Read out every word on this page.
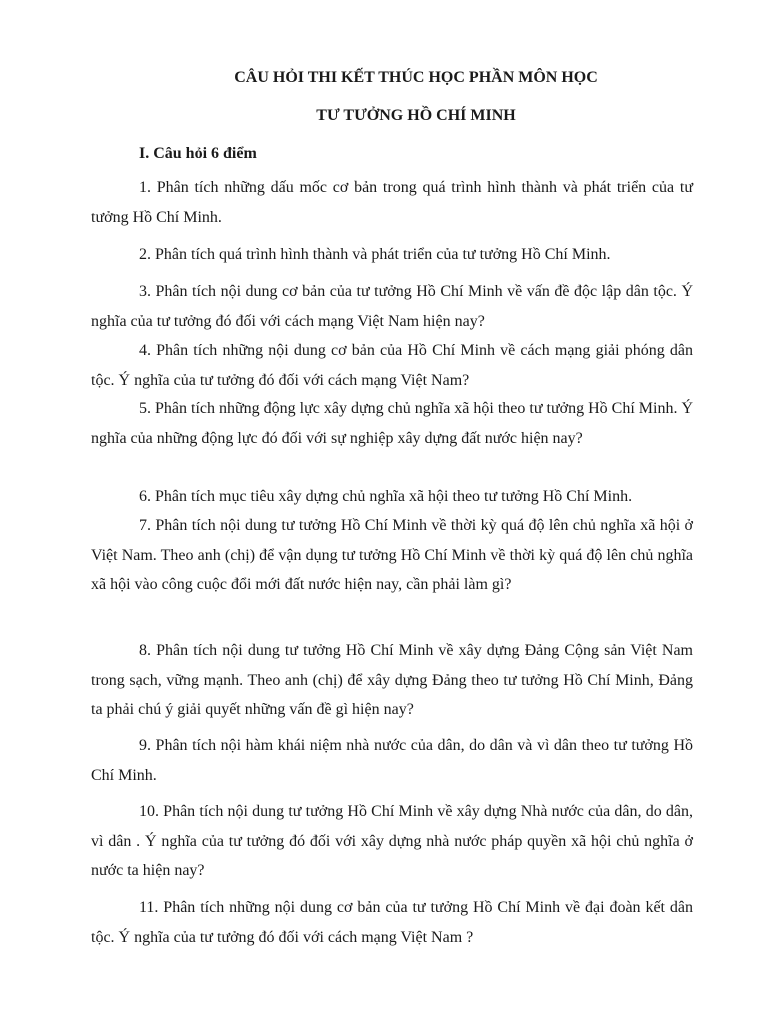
CÂU HỎI THI KẾT THÚC HỌC PHẦN MÔN HỌC
TƯ TƯỞNG HỒ CHÍ MINH
I. Câu hỏi 6 điểm
1. Phân tích những dấu mốc cơ bản trong quá trình hình thành và phát triển của tư tưởng Hồ Chí Minh.
2. Phân tích quá trình hình thành và phát triển của tư tưởng Hồ Chí Minh.
3. Phân tích nội dung cơ bản của tư tưởng Hồ Chí Minh về vấn đề độc lập dân tộc. Ý nghĩa của tư tưởng đó đối với cách mạng Việt Nam hiện nay?
4. Phân tích những nội dung cơ bản của Hồ Chí Minh về cách mạng giải phóng dân tộc. Ý nghĩa của tư tưởng đó đối với cách mạng Việt Nam?
5. Phân tích những động lực xây dựng chủ nghĩa xã hội theo tư tưởng Hồ Chí Minh. Ý nghĩa của những động lực đó đối với sự nghiệp xây dựng đất nước hiện nay?
6. Phân tích mục tiêu xây dựng chủ nghĩa xã hội theo tư tưởng Hồ Chí Minh.
7. Phân tích nội dung tư tưởng Hồ Chí Minh về thời kỳ quá độ lên chủ nghĩa xã hội ở Việt Nam. Theo anh (chị) để vận dụng tư tưởng Hồ Chí Minh về thời kỳ quá độ lên chủ nghĩa xã hội vào công cuộc đổi mới đất nước hiện nay, cần phải làm gì?
8. Phân tích nội dung tư tưởng Hồ Chí Minh về xây dựng Đảng Cộng sản Việt Nam trong sạch, vững mạnh. Theo anh (chị) để xây dựng Đảng theo tư tưởng Hồ Chí Minh, Đảng ta phải chú ý giải quyết những vấn đề gì hiện nay?
9. Phân tích nội hàm khái niệm nhà nước của dân, do dân và vì dân theo tư tưởng Hồ Chí Minh.
10. Phân tích nội dung tư tưởng Hồ Chí Minh về xây dựng Nhà nước của dân, do dân, vì dân . Ý nghĩa của tư tưởng đó đối với xây dựng nhà nước pháp quyền xã hội chủ nghĩa ở nước ta hiện nay?
11. Phân tích những nội dung cơ bản của tư tưởng Hồ Chí Minh về đại đoàn kết dân tộc. Ý nghĩa của tư tưởng đó đối với cách mạng Việt Nam ?
